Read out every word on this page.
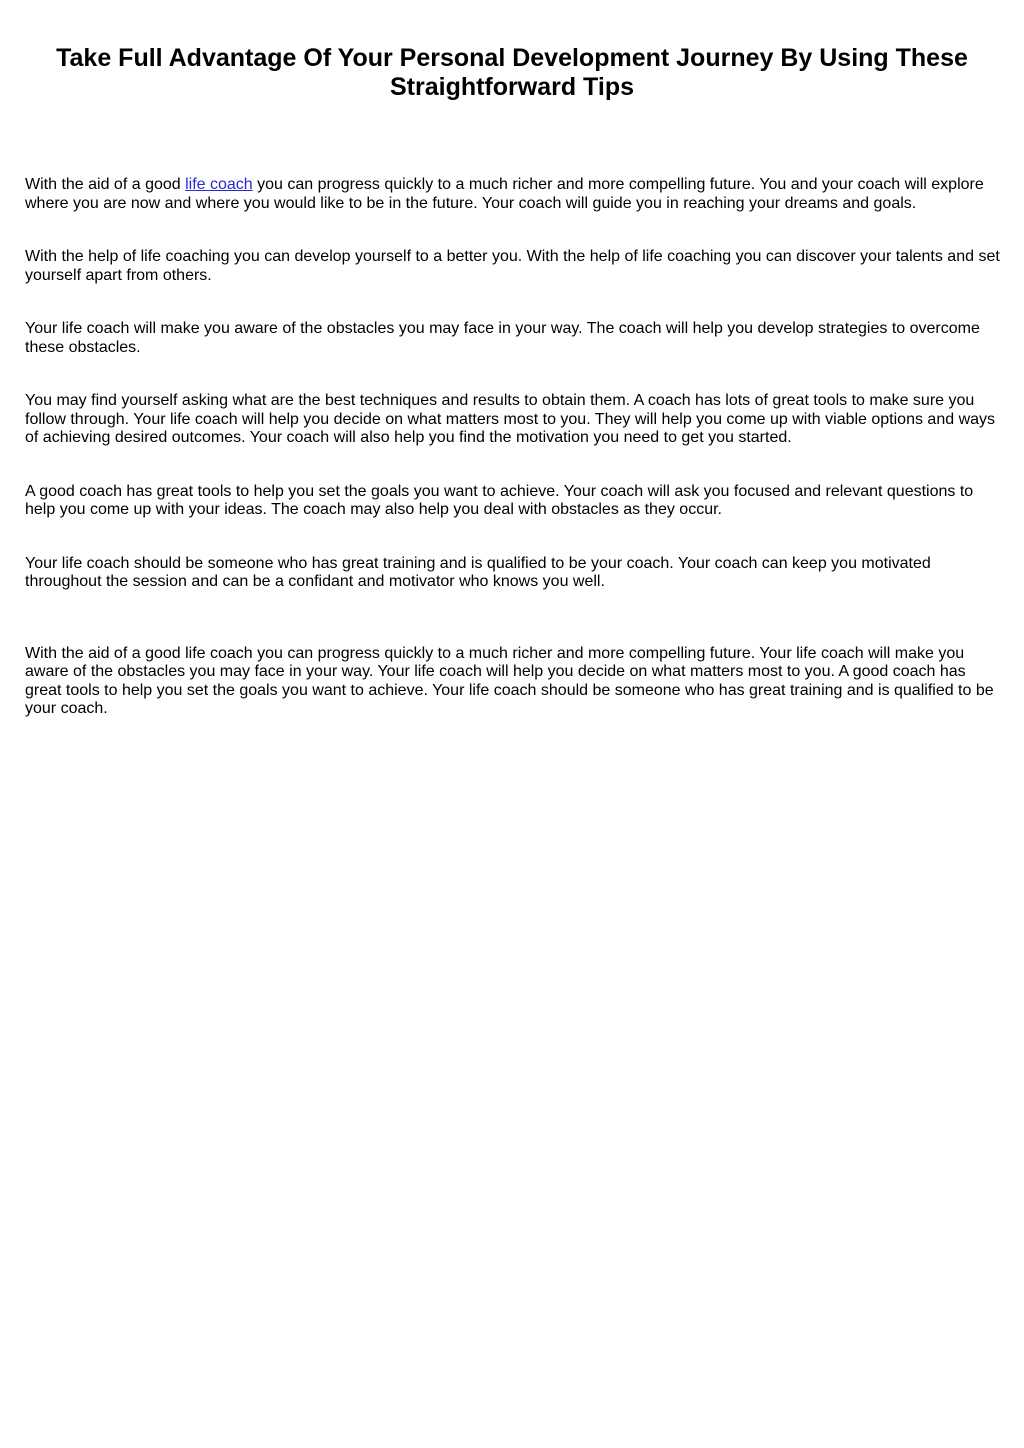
Take Full Advantage Of Your Personal Development Journey By Using These Straightforward Tips

With the aid of a good life coach you can progress quickly to a much richer and more compelling future. You and your coach will explore where you are now and where you would like to be in the future. Your coach will guide you in reaching your dreams and goals.

With the help of life coaching you can develop yourself to a better you. With the help of life coaching you can discover your talents and set yourself apart from others.

Your life coach will make you aware of the obstacles you may face in your way. The coach will help you develop strategies to overcome these obstacles.

You may find yourself asking what are the best techniques and results to obtain them. A coach has lots of great tools to make sure you follow through. Your life coach will help you decide on what matters most to you. They will help you come up with viable options and ways of achieving desired outcomes. Your coach will also help you find the motivation you need to get you started.

A good coach has great tools to help you set the goals you want to achieve. Your coach will ask you focused and relevant questions to help you come up with your ideas. The coach may also help you deal with obstacles as they occur.

Your life coach should be someone who has great training and is qualified to be your coach. Your coach can keep you motivated throughout the session and can be a confidant and motivator who knows you well.

With the aid of a good life coach you can progress quickly to a much richer and more compelling future. Your life coach will make you aware of the obstacles you may face in your way. Your life coach will help you decide on what matters most to you. A good coach has great tools to help you set the goals you want to achieve. Your life coach should be someone who has great training and is qualified to be your coach.
